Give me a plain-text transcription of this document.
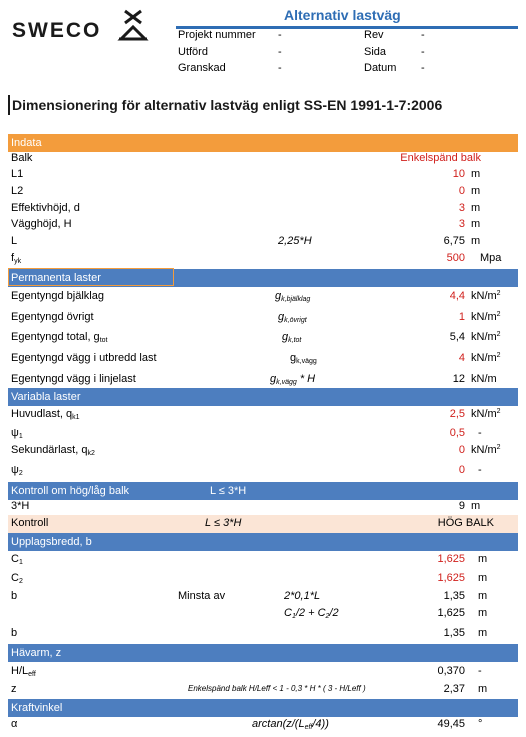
SWECO
Alternativ lastväg
Projekt nummer -	Rev	-
Utförd	-	Sida	-
Granskad	-	Datum -
Dimensionering för alternativ lastväg enligt SS-EN 1991-1-7:2006
Indata
Balk	Enkelspänd balk
L1	10 m
L2	0 m
Effektivhöjd, d	3 m
Vägghöjd, H	3 m
L	2,25*H	6,75 m
$f_{yk}$	500 Mpa
Permanenta laster
Egentyngd bjälklag	$g_{k,bjälklag}$	4,4 $kN/m^2$
Egentyngd övrigt	$g_{k,övrigt}$	1 $kN/m^2$
Egentyngd total, $g_{tot}$	$g_{k,tot}$	5,4 $kN/m^2$
Egentyngd vägg i utbredd last	$g_{k,vägg}$	4 $kN/m^2$
Egentyngd vägg i linjelast	$g_{k,vägg}$ * H	12 kN/m
Variabla laster
Huvudlast, $q_{k1}$	2,5 $kN/m^2$
$\psi_1$	0,5 -
Sekundärlast, $q_{k2}$	0 $kN/m^2$
$\psi_2$	0 -
Kontroll om hög/låg balk	L ≤ 3*H
3*H	9 m
Kontroll	L ≤ 3*H	HÖG BALK
Upplagsbredd, b
$C_1$	1,625 m
$C_2$	1,625 m
b	Minsta av	2*0,1*L	1,35 m
$C_1/2 + C_2/2$	1,625 m
b	1,35 m
Hävarm, z
$H/L_{eff}$	0,370 -
z	Enkelspänd balk H/Leff < 1 - 0,3 * H * ( 3 - H/Leff )	2,37 m
Kraftvinkel
α	$\arctan(z/(L_{eff}/4))$	49,45 °
